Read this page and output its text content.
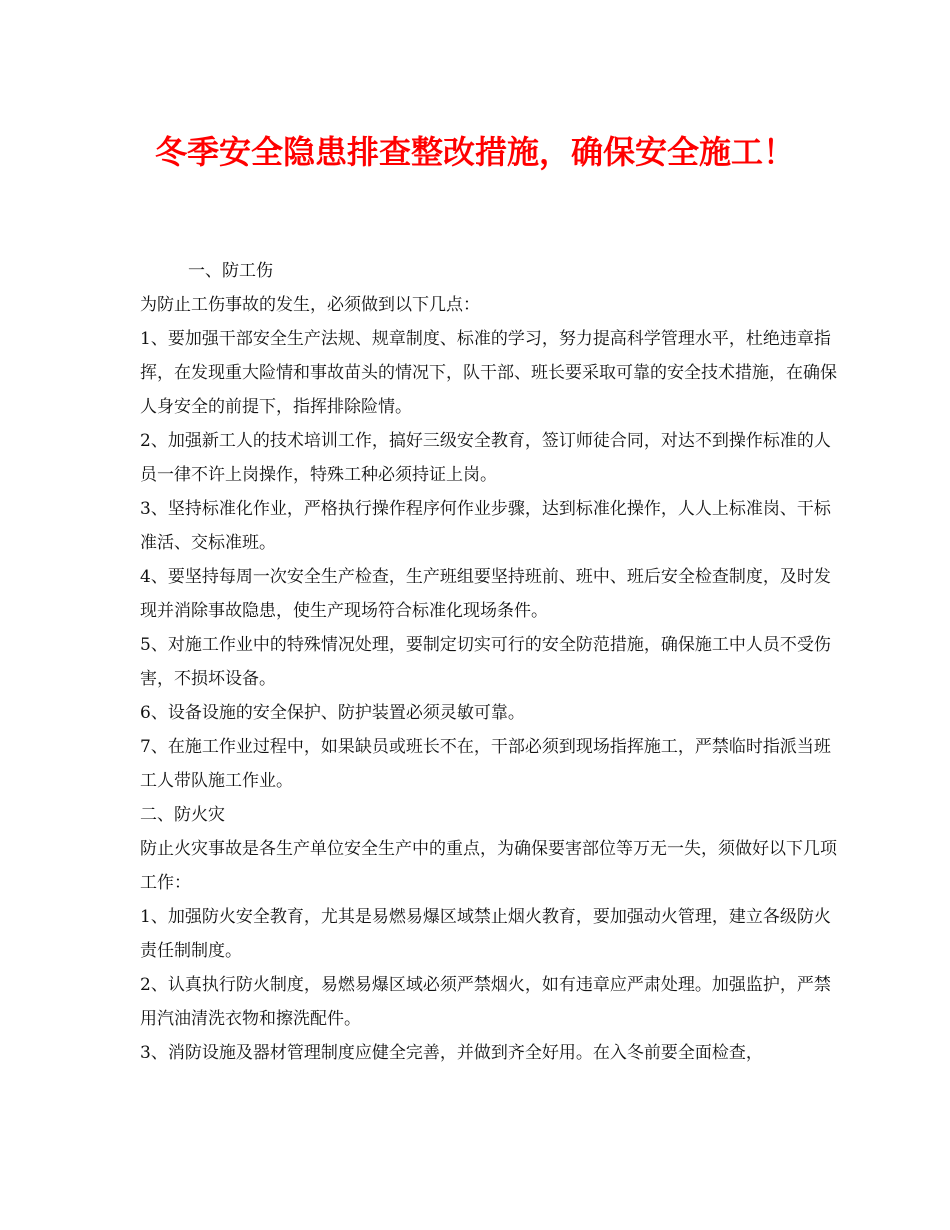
冬季安全隐患排查整改措施，确保安全施工！

一、防工伤

为防止工伤事故的发生，必须做到以下几点：

1、要加强干部安全生产法规、规章制度、标准的学习，努力提高科学管理水平，杜绝违章指挥，在发现重大险情和事故苗头的情况下，队干部、班长要采取可靠的安全技术措施，在确保人身安全的前提下，指挥排除险情。

2、加强新工人的技术培训工作，搞好三级安全教育，签订师徒合同，对达不到操作标准的人员一律不许上岗操作，特殊工种必须持证上岗。

3、坚持标准化作业，严格执行操作程序何作业步骤，达到标准化操作，人人上标准岗、干标准活、交标准班。

4、要坚持每周一次安全生产检查，生产班组要坚持班前、班中、班后安全检查制度，及时发现并消除事故隐患，使生产现场符合标准化现场条件。

5、对施工作业中的特殊情况处理，要制定切实可行的安全防范措施，确保施工中人员不受伤害，不损坏设备。

6、设备设施的安全保护、防护装置必须灵敏可靠。

7、在施工作业过程中，如果缺员或班长不在，干部必须到现场指挥施工，严禁临时指派当班工人带队施工作业。

二、防火灾

防止火灾事故是各生产单位安全生产中的重点，为确保要害部位等万无一失，须做好以下几项工作：

1、加强防火安全教育，尤其是易燃易爆区域禁止烟火教育，要加强动火管理，建立各级防火责任制制度。

2、认真执行防火制度，易燃易爆区域必须严禁烟火，如有违章应严肃处理。加强监护，严禁用汽油清洗衣物和擦洗配件。

3、消防设施及器材管理制度应健全完善，并做到齐全好用。在入冬前要全面检查，
